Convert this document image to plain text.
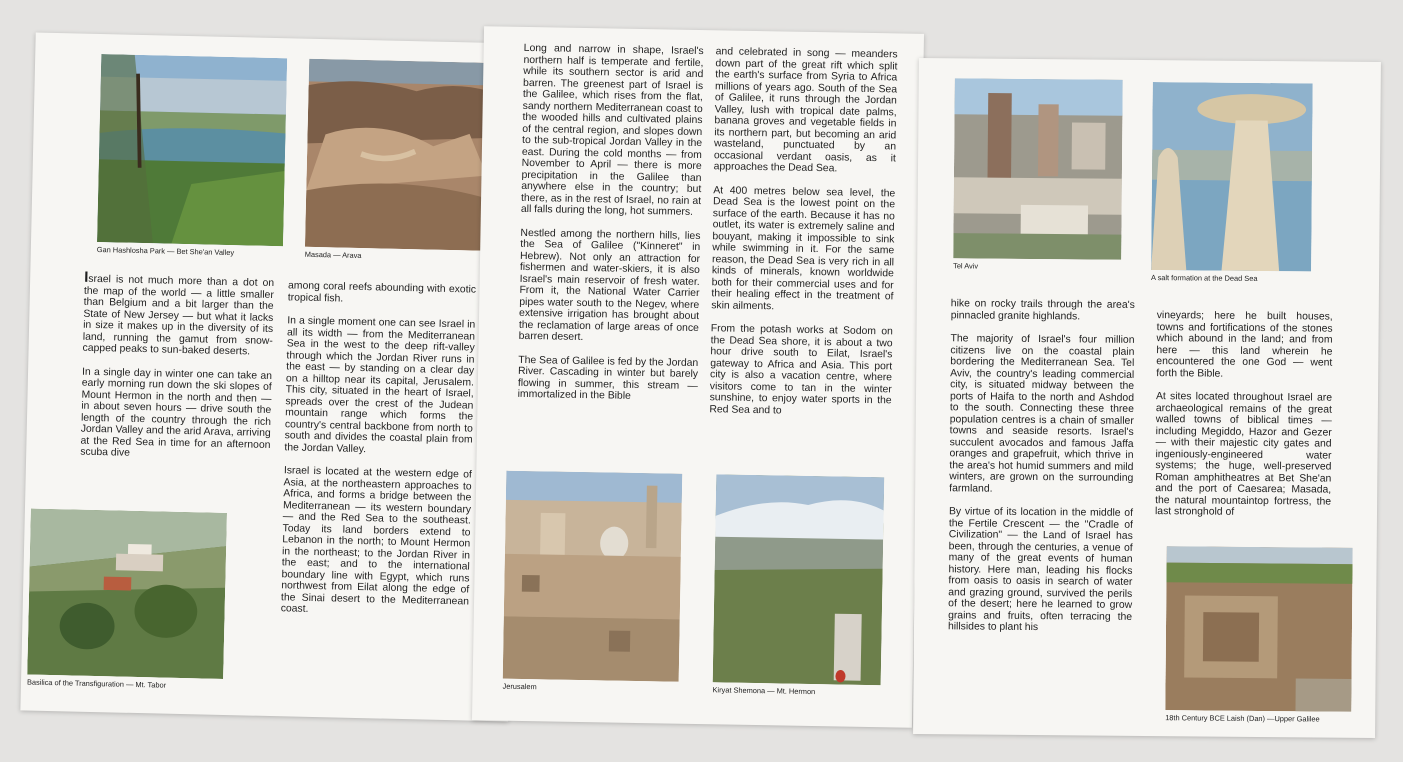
Gan Hashlosha Park — Bet She'an Valley	Masada — Arava

Israel is not much more than a dot on the map of the world — a little smaller than Belgium and a bit larger than the State of New Jersey — but what it lacks in size it makes up in the diversity of its land, running the gamut from snow-capped peaks to sun-baked deserts.

In a single day in winter one can take an early morning run down the ski slopes of Mount Hermon in the north and then — in about seven hours — drive south the length of the country through the rich Jordan Valley and the arid Arava, arriving at the Red Sea in time for an afternoon scuba dive

among coral reefs abounding with exotic tropical fish.

In a single moment one can see Israel in all its width — from the Mediterranean Sea in the west to the deep rift-valley through which the Jordan River runs in the east — by standing on a clear day on a hilltop near its capital, Jerusalem. This city, situated in the heart of Israel, spreads over the crest of the Judean mountain range which forms the country's central backbone from north to south and divides the coastal plain from the Jordan Valley.

Israel is located at the western edge of Asia, at the northeastern approaches to Africa, and forms a bridge between the Mediterranean — its western boundary — and the Red Sea to the southeast. Today its land borders extend to Lebanon in the north; to Mount Hermon in the northeast; to the Jordan River in the east; and to the international boundary line with Egypt, which runs northwest from Eilat along the edge of the Sinai desert to the Mediterranean coast.

Basilica of the Transfiguration — Mt. Tabor

Long and narrow in shape, Israel's northern half is temperate and fertile, while its southern sector is arid and barren. The greenest part of Israel is the Galilee, which rises from the flat, sandy northern Mediterranean coast to the wooded hills and cultivated plains of the central region, and slopes down to the sub-tropical Jordan Valley in the east. During the cold months — from November to April — there is more precipitation in the Galilee than anywhere else in the country; but there, as in the rest of Israel, no rain at all falls during the long, hot summers.

Nestled among the northern hills, lies the Sea of Galilee ("Kinneret" in Hebrew). Not only an attraction for fishermen and water-skiers, it is also Israel's main reservoir of fresh water. From it, the National Water Carrier pipes water south to the Negev, where extensive irrigation has brought about the reclamation of large areas of once barren desert.

The Sea of Galilee is fed by the Jordan River. Cascading in winter but barely flowing in summer, this stream — immortalized in the Bible

and celebrated in song — meanders down part of the great rift which split the earth's surface from Syria to Africa millions of years ago. South of the Sea of Galilee, it runs through the Jordan Valley, lush with tropical date palms, banana groves and vegetable fields in its northern part, but becoming an arid wasteland, punctuated by an occasional verdant oasis, as it approaches the Dead Sea.

At 400 metres below sea level, the Dead Sea is the lowest point on the surface of the earth. Because it has no outlet, its water is extremely saline and bouyant, making it impossible to sink while swimming in it. For the same reason, the Dead Sea is very rich in all kinds of minerals, known worldwide both for their commercial uses and for their healing effect in the treatment of skin ailments.

From the potash works at Sodom on the Dead Sea shore, it is about a two hour drive south to Eilat, Israel's gateway to Africa and Asia. This port city is also a vacation centre, where visitors come to tan in the winter sunshine, to enjoy water sports in the Red Sea and to

Jerusalem	Kiryat Shemona — Mt. Hermon
Tel Aviv
A salt formation at the Dead Sea

hike on rocky trails through the area's pinnacled granite highlands.

The majority of Israel's four million citizens live on the coastal plain bordering the Mediterranean Sea. Tel Aviv, the country's leading commercial city, is situated midway between the ports of Haifa to the north and Ashdod to the south. Connecting these three population centres is a chain of smaller towns and seaside resorts. Israel's succulent avocados and famous Jaffa oranges and grapefruit, which thrive in the area's hot humid summers and mild winters, are grown on the surrounding farmland.

By virtue of its location in the middle of the Fertile Crescent — the "Cradle of Civilization" — the Land of Israel has been, through the centuries, a venue of many of the great events of human history. Here man, leading his flocks from oasis to oasis in search of water and grazing ground, survived the perils of the desert; here he learned to grow grains and fruits, often terracing the hillsides to plant his

vineyards; here he built houses, towns and fortifications of the stones which abound in the land; and from here — this land wherein he encountered the one God — went forth the Bible.

At sites located throughout Israel are archaeological remains of the great walled towns of biblical times — including Megiddo, Hazor and Gezer — with their majestic city gates and ingeniously-engineered water systems; the huge, well-preserved Roman amphitheatres at Bet She'an and the port of Caesarea; Masada, the natural mountaintop fortress, the last stronghold of

18th Century BCE Laish (Dan) —Upper Galilee
